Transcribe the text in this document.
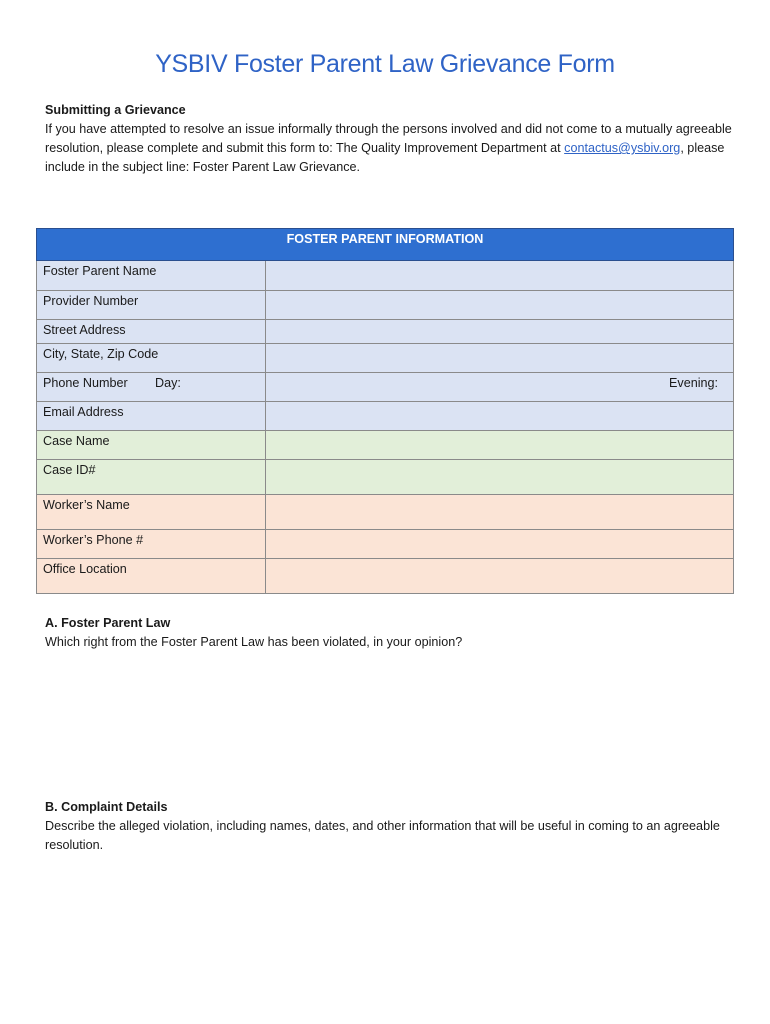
YSBIV Foster Parent Law Grievance Form
Submitting a Grievance
If you have attempted to resolve an issue informally through the persons involved and did not come to a mutually agreeable resolution, please complete and submit this form to: The Quality Improvement Department at contactus@ysbiv.org, please include in the subject line: Foster Parent Law Grievance.
FOSTER PARENT INFORMATION	
Foster Parent Name	
Provider Number	
Street Address	
City, State, Zip Code	
Phone Number Day:	Evening:

Email Address	
Case Name	
Case ID#	
Worker’s Name	
Worker’s Phone #	
Office Location	
A. Foster Parent Law
Which right from the Foster Parent Law has been violated, in your opinion?
B. Complaint Details
Describe the alleged violation, including names, dates, and other information that will be useful in coming to an agreeable resolution.
